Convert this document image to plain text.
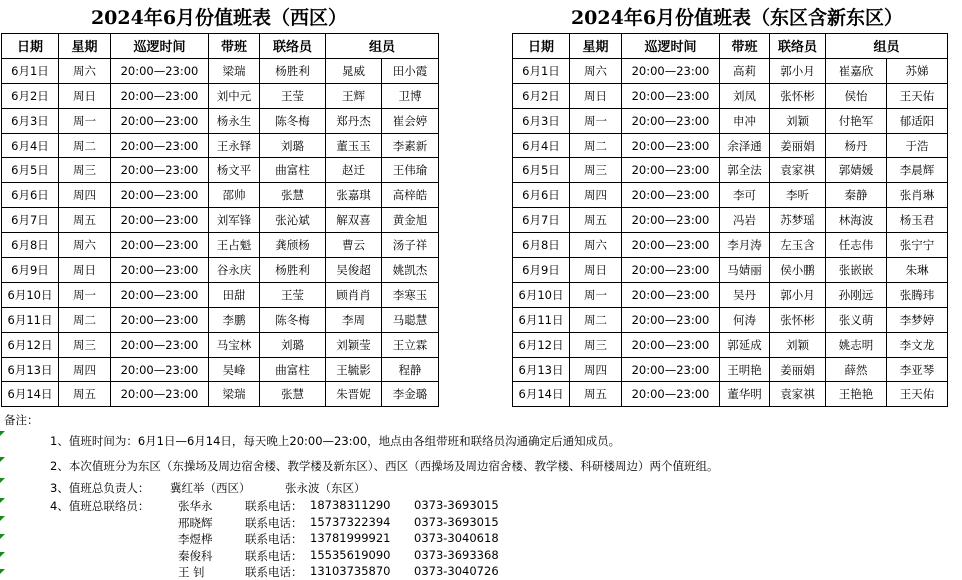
2024年6月份值班表（西区）	2024年6月份值班表（东区含新东区）
日期	星期	巡逻时间	带班	联络员	组员	
6月1日	周六	20:00—23:00	梁瑞	杨胜利	晁威	田小霞
6月2日	周日	20:00—23:00	刘中元	王莹	王辉	卫博
6月3日	周一	20:00—23:00	杨永生	陈冬梅	郑丹杰	崔会婷
6月4日	周二	20:00—23:00	王永铎	刘璐	董玉玉	李素新
6月5日	周三	20:00—23:00	杨文平	曲富柱	赵迁	王伟瑜
6月6日	周四	20:00—23:00	邵帅	张慧	张嘉琪	高梓皓
6月7日	周五	20:00—23:00	刘军锋	张沁斌	解双喜	黄金旭
6月8日	周六	20:00—23:00	王占魁	龚颀杨	曹云	汤子祥
6月9日	周日	20:00—23:00	谷永庆	杨胜利	吴俊超	姚凯杰
6月10日	周一	20:00—23:00	田甜	王莹	顾肖肖	李寒玉
6月11日	周二	20:00—23:00	李鹏	陈冬梅	李周	马聪慧
6月12日	周三	20:00—23:00	马宝林	刘璐	刘颖莹	王立霖
6月13日	周四	20:00—23:00	吴峰	曲富柱	王毓影	程静
6月14日	周五	20:00—23:00	梁瑞	张慧	朱晋妮	李金璐
日期	星期	巡逻时间	带班	联络员	组员	
6月1日	周六	20:00—23:00	高莉	郭小月	崔嘉欣	苏娣
6月2日	周日	20:00—23:00	刘凤	张怀彬	侯怡	王天佑
6月3日	周一	20:00—23:00	申冲	刘颖	付艳军	郁适阳
6月4日	周二	20:00—23:00	余泽通	姜丽娟	杨丹	于浩
6月5日	周三	20:00—23:00	郭全法	袁家祺	郭婧媛	李晨辉
6月6日	周四	20:00—23:00	李可	李听	秦静	张肖琳
6月7日	周五	20:00—23:00	冯岩	苏梦瑶	林海波	杨玉君
6月8日	周六	20:00—23:00	李月涛	左玉含	任志伟	张宁宁
6月9日	周日	20:00—23:00	马婧丽	侯小鹏	张嵌嵌	朱琳
6月10日	周一	20:00—23:00	吴丹	郭小月	孙刚远	张腾玮
6月11日	周二	20:00—23:00	何涛	张怀彬	张义萌	李梦婷
6月12日	周三	20:00—23:00	郭延成	刘颖	姚志明	李文龙
6月13日	周四	20:00—23:00	王明艳	姜丽娟	薛然	李亚琴
6月14日	周五	20:00—23:00	董华明	袁家祺	王艳艳	王天佑
备注：
1、值班时间为：6月1日—6月14日，每天晚上20:00—23:00，地点由各组带班和联络员沟通确定后通知成员。
2、本次值班分为东区（东操场及周边宿舍楼、教学楼及新东区）、西区（西操场及周边宿舍楼、教学楼、科研楼周边）两个值班组。
3、值班总负责人： 冀红举（西区）	张永波（东区）
4、值班总联络员： 张华永	联系电话： 18738311290 0373-3693015
邢晓辉	联系电话： 15737322394 0373-3693015
李煜桦	联系电话： 13781999921 0373-3040618
秦俊科	联系电话： 15535619090 0373-3693368
王 钊	联系电话： 13103735870 0373-3040726
